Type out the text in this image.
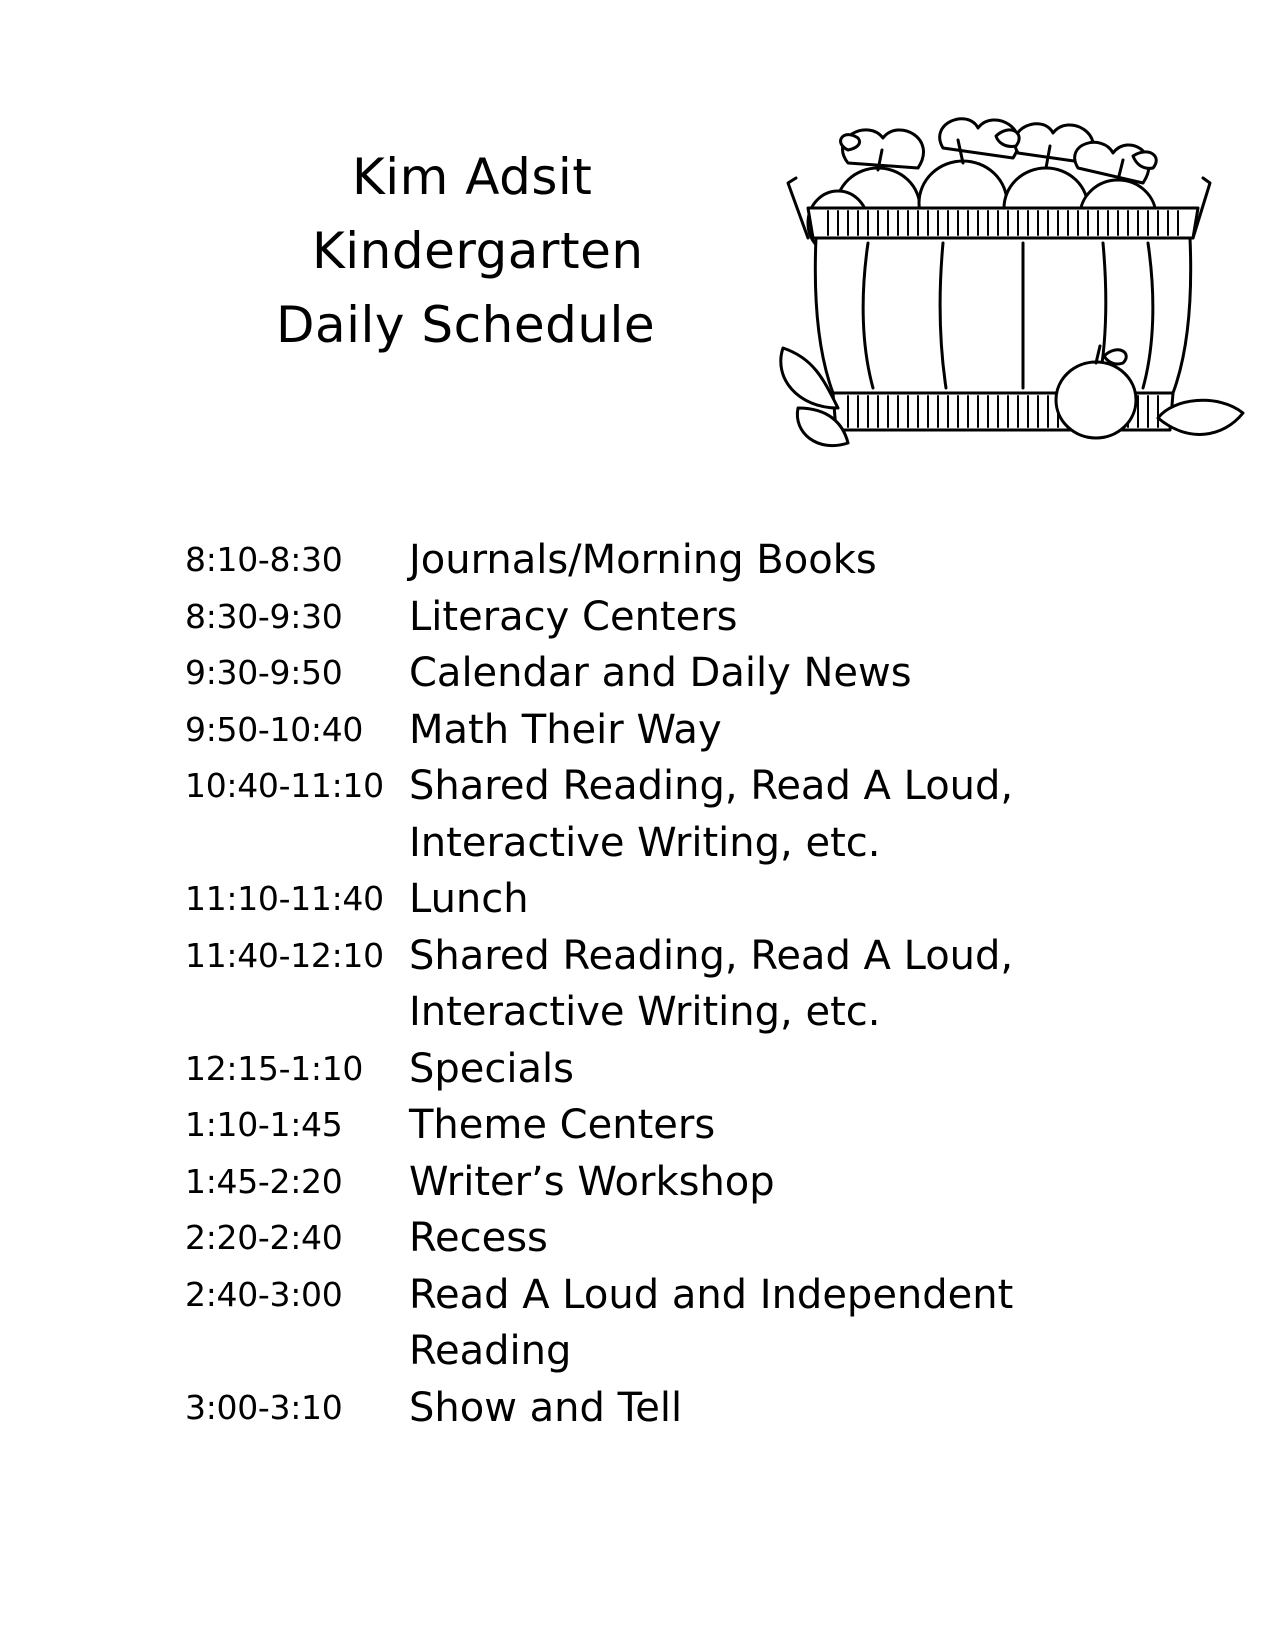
Kim Adsit
Kindergarten
Daily Schedule
8:10-8:30	Journals/Morning Books
8:30-9:30	Literacy Centers
9:30-9:50	Calendar and Daily News
9:50-10:40	Math Their Way
10:40-11:10 Shared Reading, Read A Loud,
Interactive Writing, etc.
11:10-11:40 Lunch
11:40-12:10 Shared Reading, Read A Loud,
Interactive Writing, etc.
12:15-1:10	Specials
1:10-1:45	Theme Centers
1:45-2:20	Writer’s Workshop
2:20-2:40	Recess
2:40-3:00	Read A Loud and Independent
Reading
3:00-3:10	Show and Tell
